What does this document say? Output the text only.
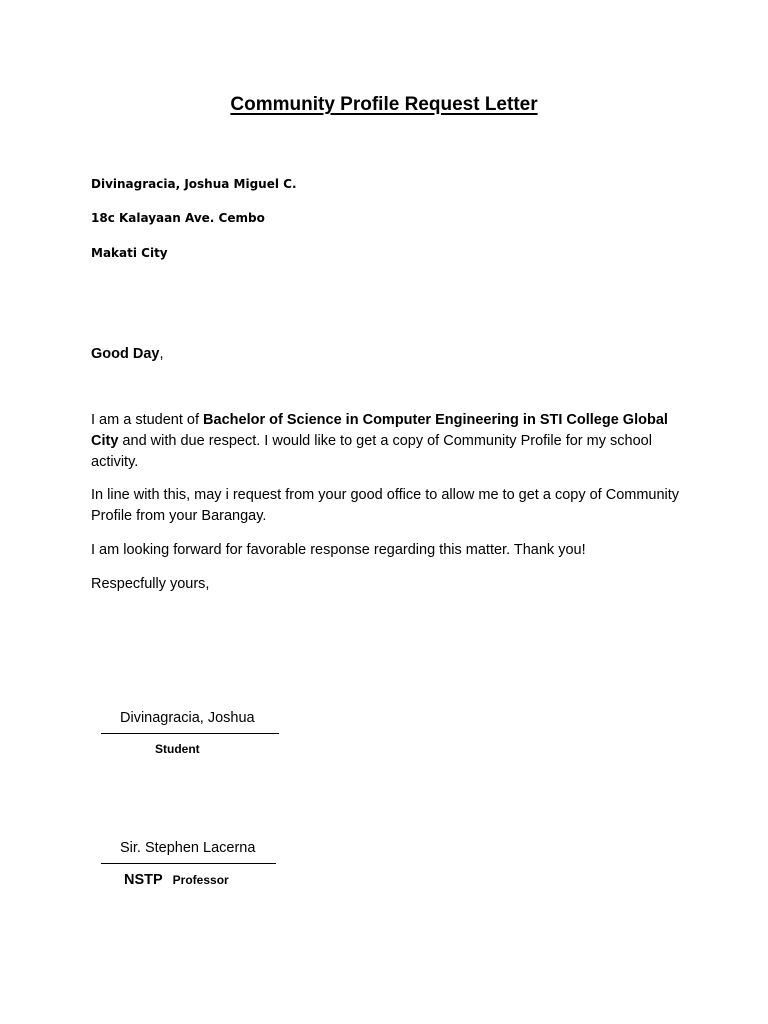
Community Profile Request Letter
Divinagracia, Joshua Miguel C.
18c Kalayaan Ave. Cembo
Makati City
Good Day,
I am a student of Bachelor of Science in Computer Engineering in STI College Global City and with due respect. I would like to get a copy of Community Profile for my school activity.
In line with this, may i request from your good office to allow me to get a copy of Community Profile from your Barangay.
I am looking forward for favorable response regarding this matter. Thank you!
Respecfully yours,
Divinagracia, Joshua
Student
Sir. Stephen Lacerna
NSTP Professor
